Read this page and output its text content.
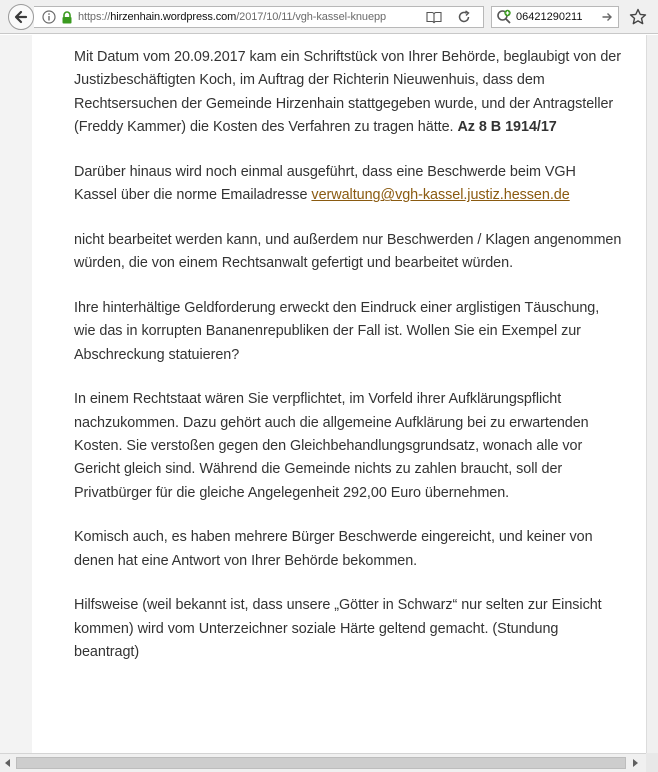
https://hirzenhain.wordpress.com/2017/10/11/vgh-kassel-knuepp	06421290211

Mit Datum vom 20.09.2017 kam ein Schriftstück von Ihrer Behörde, beglaubigt von der Justizbeschäftigten Koch, im Auftrag der Richterin Nieuwenhuis, dass dem Rechtsersuchen der Gemeinde Hirzenhain stattgegeben wurde, und der Antragsteller (Freddy Kammer) die Kosten des Verfahren zu tragen hätte. Az 8 B 1914/17

Darüber hinaus wird noch einmal ausgeführt, dass eine Beschwerde beim VGH Kassel über die norme Emailadresse verwaltung@vgh-kassel.justiz.hessen.de

nicht bearbeitet werden kann, und außerdem nur Beschwerden / Klagen angenommen würden, die von einem Rechtsanwalt gefertigt und bearbeitet würden.

Ihre hinterhältige Geldforderung erweckt den Eindruck einer arglistigen Täuschung, wie das in korrupten Bananenrepubliken der Fall ist. Wollen Sie ein Exempel zur Abschreckung statuieren?

In einem Rechtstaat wären Sie verpflichtet, im Vorfeld ihrer Aufklärungspflicht nachzukommen. Dazu gehört auch die allgemeine Aufklärung bei zu erwartenden Kosten. Sie verstoßen gegen den Gleichbehandlungsgrundsatz, wonach alle vor Gericht gleich sind. Während die Gemeinde nichts zu zahlen braucht, soll der Privatbürger für die gleiche Angelegenheit 292,00 Euro übernehmen.

Komisch auch, es haben mehrere Bürger Beschwerde eingereicht, und keiner von denen hat eine Antwort von Ihrer Behörde bekommen.

Hilfsweise (weil bekannt ist, dass unsere „Götter in Schwarz“ nur selten zur Einsicht kommen) wird vom Unterzeichner soziale Härte geltend gemacht. (Stundung beantragt)
